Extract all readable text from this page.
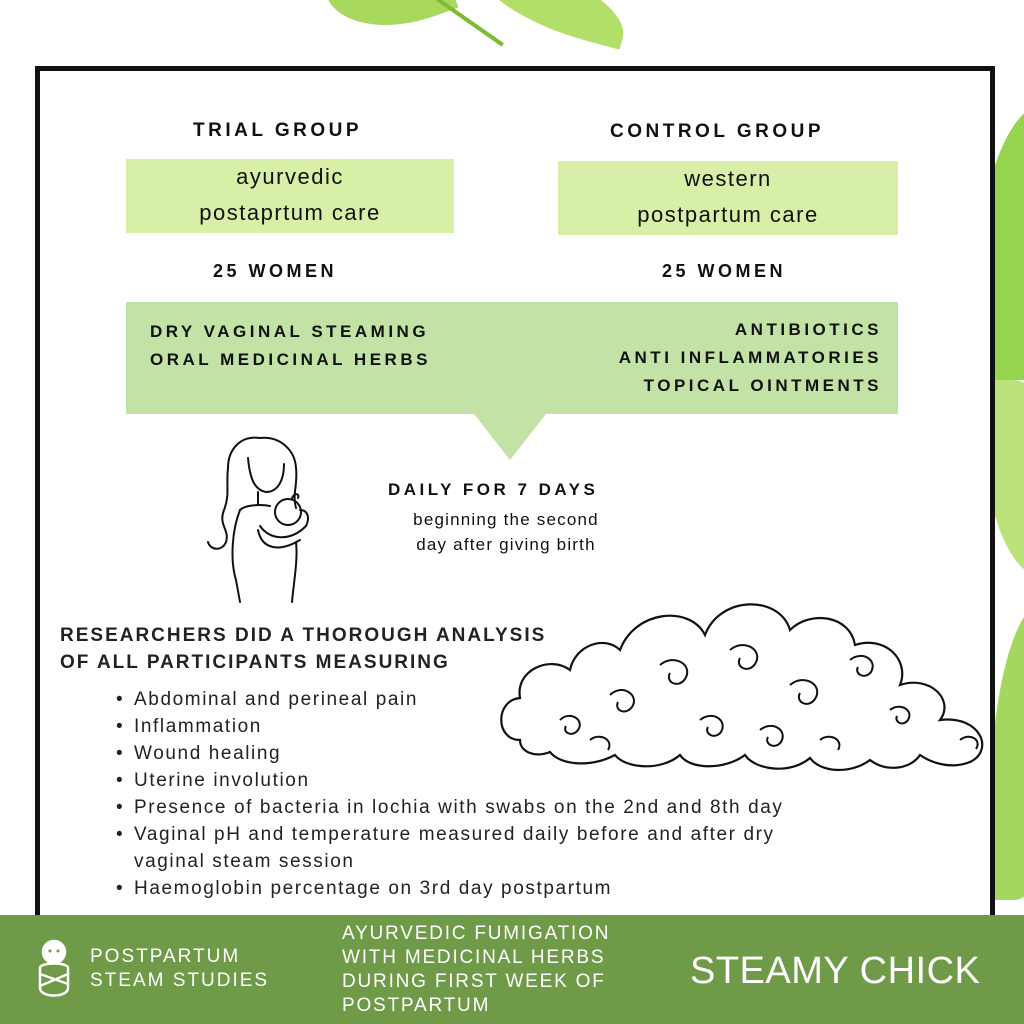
TRIAL GROUP	CONTROL GROUP
ayurvedic
postaprtum care
western
postpartum care
25 WOMEN	25 WOMEN
DRY VAGINAL STEAMING
ORAL MEDICINAL HERBS
ANTIBIOTICS
ANTI INFLAMMATORIES
TOPICAL OINTMENTS
DAILY FOR 7 DAYS
beginning the second
day after giving birth
RESEARCHERS DID A THOROUGH ANALYSIS
OF ALL PARTICIPANTS MEASURING
• Abdominal and perineal pain
• Inflammation
• Wound healing
• Uterine involution
• Presence of bacteria in lochia with swabs on the 2nd and 8th day
• Vaginal pH and temperature measured daily before and after dry
vaginal steam session
• Haemoglobin percentage on 3rd day postpartum
POSTPARTUM
STEAM STUDIES
AYURVEDIC FUMIGATION
WITH MEDICINAL HERBS
DURING FIRST WEEK OF
POSTPARTUM
STEAMY CHICK
